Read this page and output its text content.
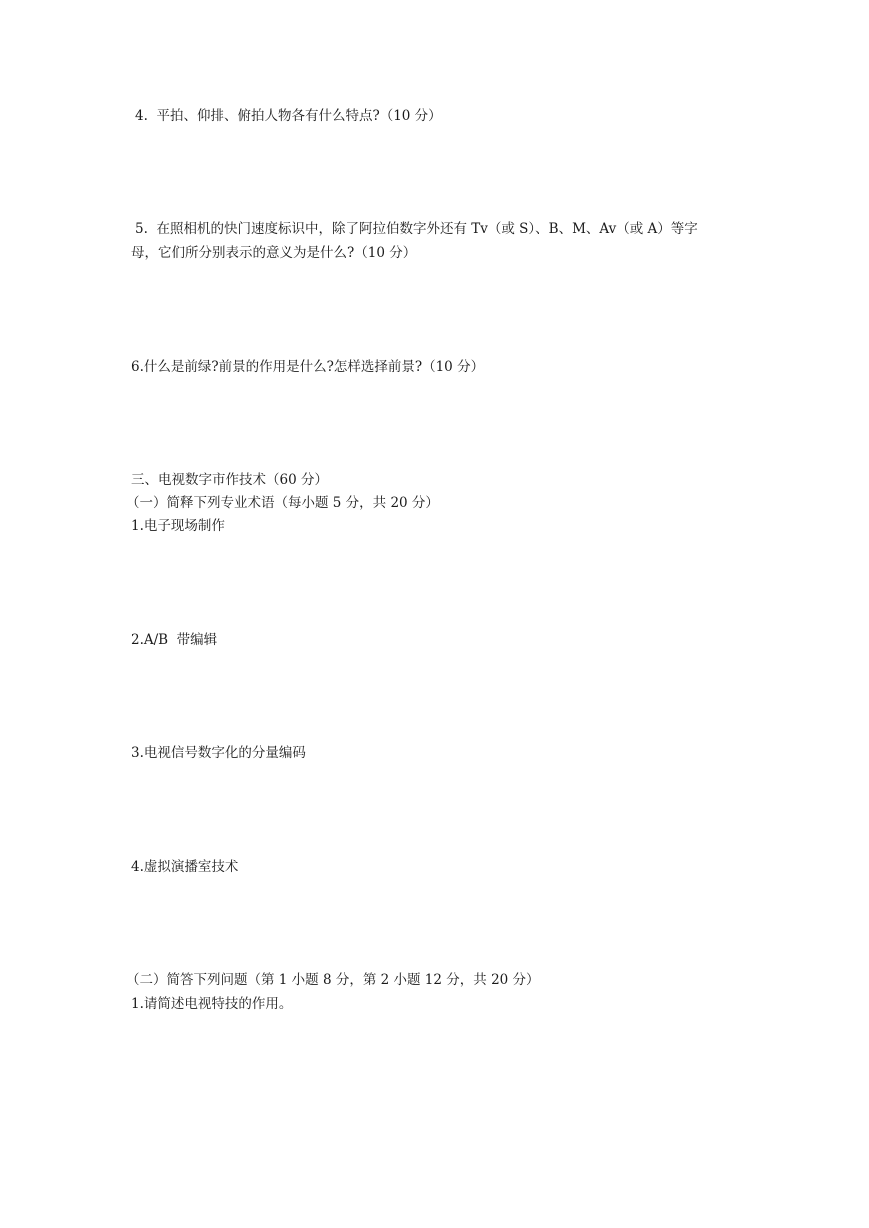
4.  平拍、仰排、俯拍人物各有什么特点?（10 分）

5.  在照相机的快门速度标识中，除了阿拉伯数字外还有 Tv（或 S）、B、M、Av（或 A）等字

母，它们所分别表示的意义为是什么?（10 分）

6.什么是前绿?前景的作用是什么?怎样选择前景?（10 分）

三、电视数字市作技术（60 分）

（一）简释下列专业术语（每小题 5 分，共 20 分）

1.电子现场制作

2.A/B  带编辑

3.电视信号数字化的分量编码

4.虚拟演播室技术

（二）简答下列问题（第 1 小题 8 分，第 2 小题 12 分，共 20 分）

1.请简述电视特技的作用。
